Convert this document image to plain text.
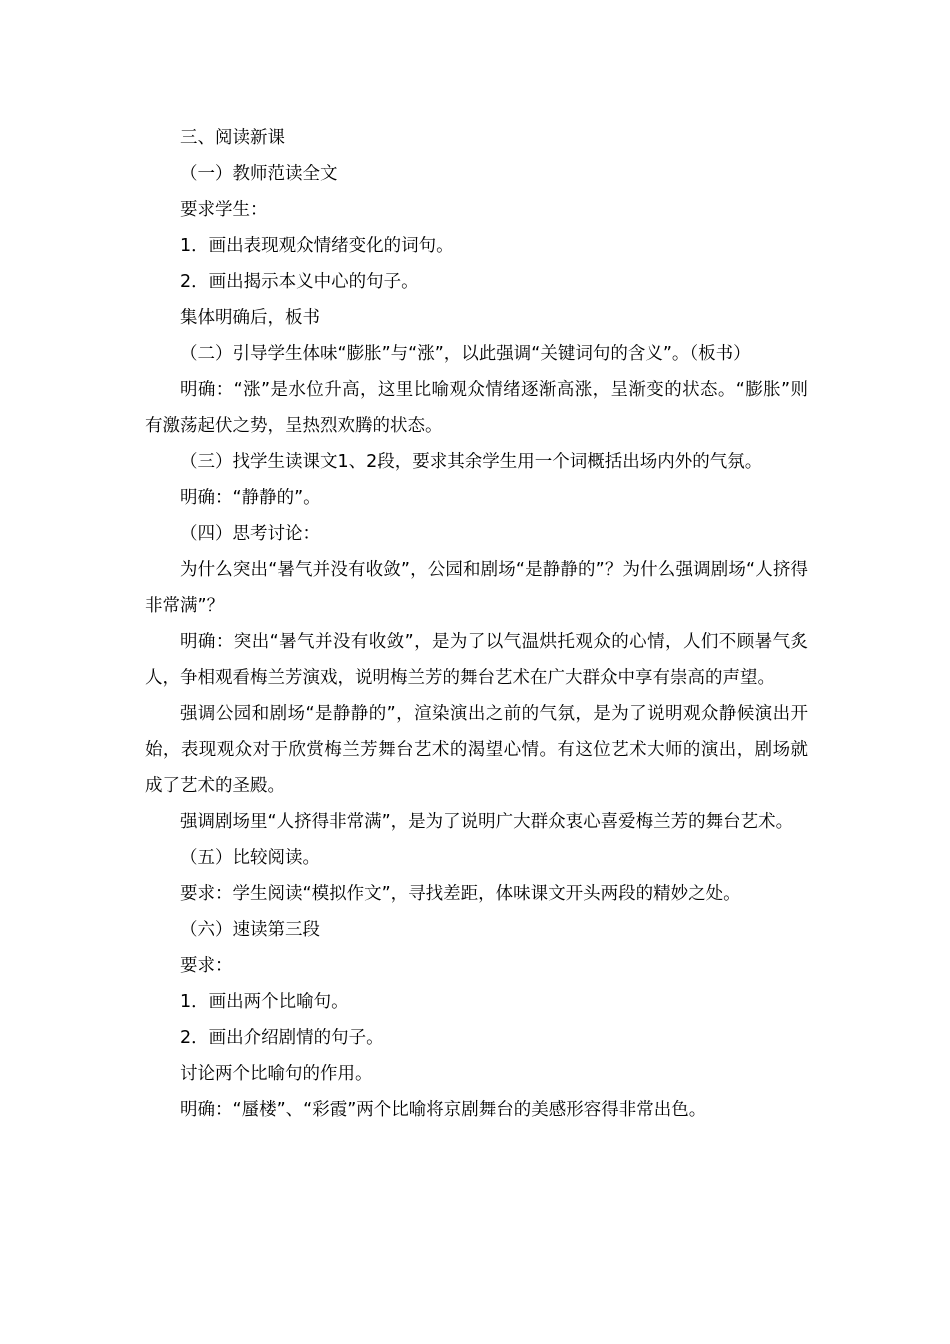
三、阅读新课

（一）教师范读全文

要求学生：

1．画出表现观众情绪变化的词句。

2．画出揭示本义中心的句子。

集体明确后，板书

（二）引导学生体味“膨胀”与“涨”，以此强调“关键词句的含义”。（板书）

明确：“涨”是水位升高，这里比喻观众情绪逐渐高涨，呈渐变的状态。“膨胀”则有激荡起伏之势，呈热烈欢腾的状态。

（三）找学生读课文1、2段，要求其余学生用一个词概括出场内外的气氛。

明确：“静静的”。

（四）思考讨论：

为什么突出“暑气并没有收敛”，公园和剧场“是静静的”？为什么强调剧场“人挤得非常满”？

明确：突出“暑气并没有收敛”，是为了以气温烘托观众的心情，人们不顾暑气炙人，争相观看梅兰芳演戏，说明梅兰芳的舞台艺术在广大群众中享有崇高的声望。

强调公园和剧场“是静静的”，渲染演出之前的气氛，是为了说明观众静候演出开始，表现观众对于欣赏梅兰芳舞台艺术的渴望心情。有这位艺术大师的演出，剧场就成了艺术的圣殿。

强调剧场里“人挤得非常满”，是为了说明广大群众衷心喜爱梅兰芳的舞台艺术。

（五）比较阅读。

要求：学生阅读“模拟作文”，寻找差距，体味课文开头两段的精妙之处。

（六）速读第三段

要求：

1．画出两个比喻句。

2．画出介绍剧情的句子。

讨论两个比喻句的作用。

明确：“蜃楼”、“彩霞”两个比喻将京剧舞台的美感形容得非常出色。
